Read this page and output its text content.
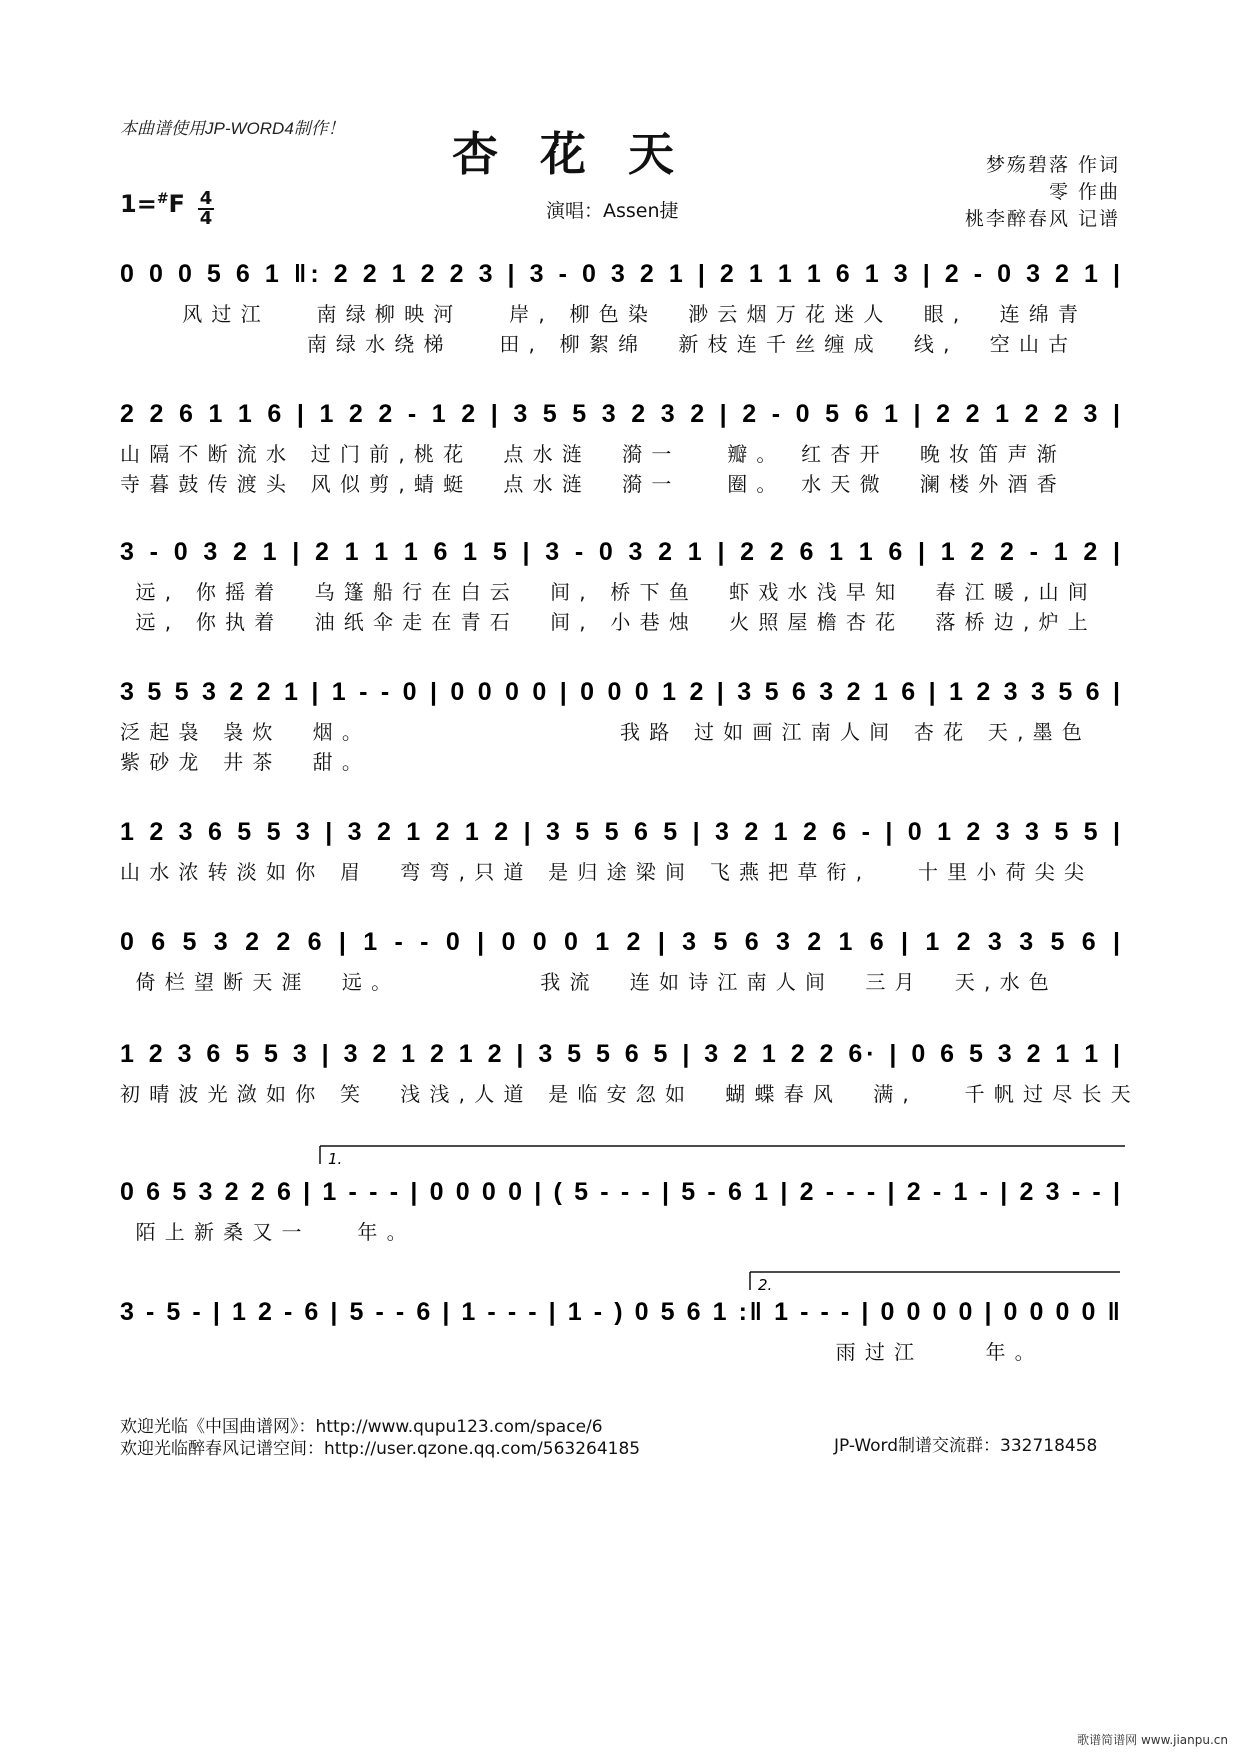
本曲谱使用JP-WORD4制作！ 杏花天	梦殇碧落 作词
零 作曲
桃李醉春风 记谱
1=#F 4
4	演唱：Assen捷
0 0 0 5 6 1 ‖: 2 2 1 2 2 3 | 3 - 0 3 2 1 | 2 1 1 1 6 1 3 | 2 - 0 3 2 1 |
风过江   南绿柳映河   岸, 柳色染  渺云烟万花迷人  眼,  连绵青
南绿水绕梯   田, 柳絮绵  新枝连千丝缠成  线,  空山古
2 2 6 1 1 6 | 1 2 2 - 1 2 | 3 5 5 3 2 3 2 | 2 - 0 5 6 1 | 2 2 1 2 2 3 |
山隔不断流水 过门前,桃花  点水涟  漪一   瓣。 红杏开  晚妆笛声渐
寺暮鼓传渡头 风似剪,蜻蜓  点水涟  漪一   圈。 水天微  澜楼外酒香
3 - 0 3 2 1 | 2 1 1 1 6 1 5 | 3 - 0 3 2 1 | 2 2 6 1 1 6 | 1 2 2 - 1 2 |
远, 你摇着  乌篷船行在白云  间, 桥下鱼  虾戏水浅早知  春江暖,山间
远, 你执着  油纸伞走在青石  间, 小巷烛  火照屋檐杏花  落桥边,炉上
3 5 5 3 2 2 1 | 1 - - 0 | 0 0 0 0 | 0 0 0 1 2 | 3 5 6 3 2 1 6 | 1 2 3 3 5 6 |
泛起袅 袅炊  烟。                我路 过如画江南人间 杏花 天,墨色
紫砂龙 井茶  甜。
1 2 3 6 5 5 3 | 3 2 1 2 1 2 | 3 5 5 6 5 | 3 2 1 2 6 - | 0 1 2 3 3 5 5 |
山水浓转淡如你 眉  弯弯,只道 是归途梁间 飞燕把草衔,   十里小荷尖尖
0 6 5 3 2 2 6 | 1 - - 0 | 0 0 0 1 2 | 3 5 6 3 2 1 6 | 1 2 3 3 5 6 |
倚栏望断天涯  远。         我流  连如诗江南人间  三月  天,水色
1 2 3 6 5 5 3 | 3 2 1 2 1 2 | 3 5 5 6 5 | 3 2 1 2 2 6· | 0 6 5 3 2 1 1 |
初晴波光潋如你 笑  浅浅,人道 是临安忽如  蝴蝶春风  满,   千帆过尽长天
1.
0 6 5 3 2 2 6 | 1 - - - | 0 0 0 0 | ( 5 - - - | 5 - 6 1 | 2 - - - | 2 - 1 - | 2 3 - - |
陌上新桑又一   年。
2.
3 - 5 - | 1 2 - 6 | 5 - - 6 | 1 - - - | 1 - ) 0 5 6 1 :‖ 1 - - - | 0 0 0 0 | 0 0 0 0 ‖
雨过江    年。
欢迎光临《中国曲谱网》：http://www.qupu123.com/space/6
欢迎光临醉春风记谱空间：http://user.qzone.qq.com/563264185	JP-Word制谱交流群：332718458
歌谱简谱网 www.jianpu.cn
